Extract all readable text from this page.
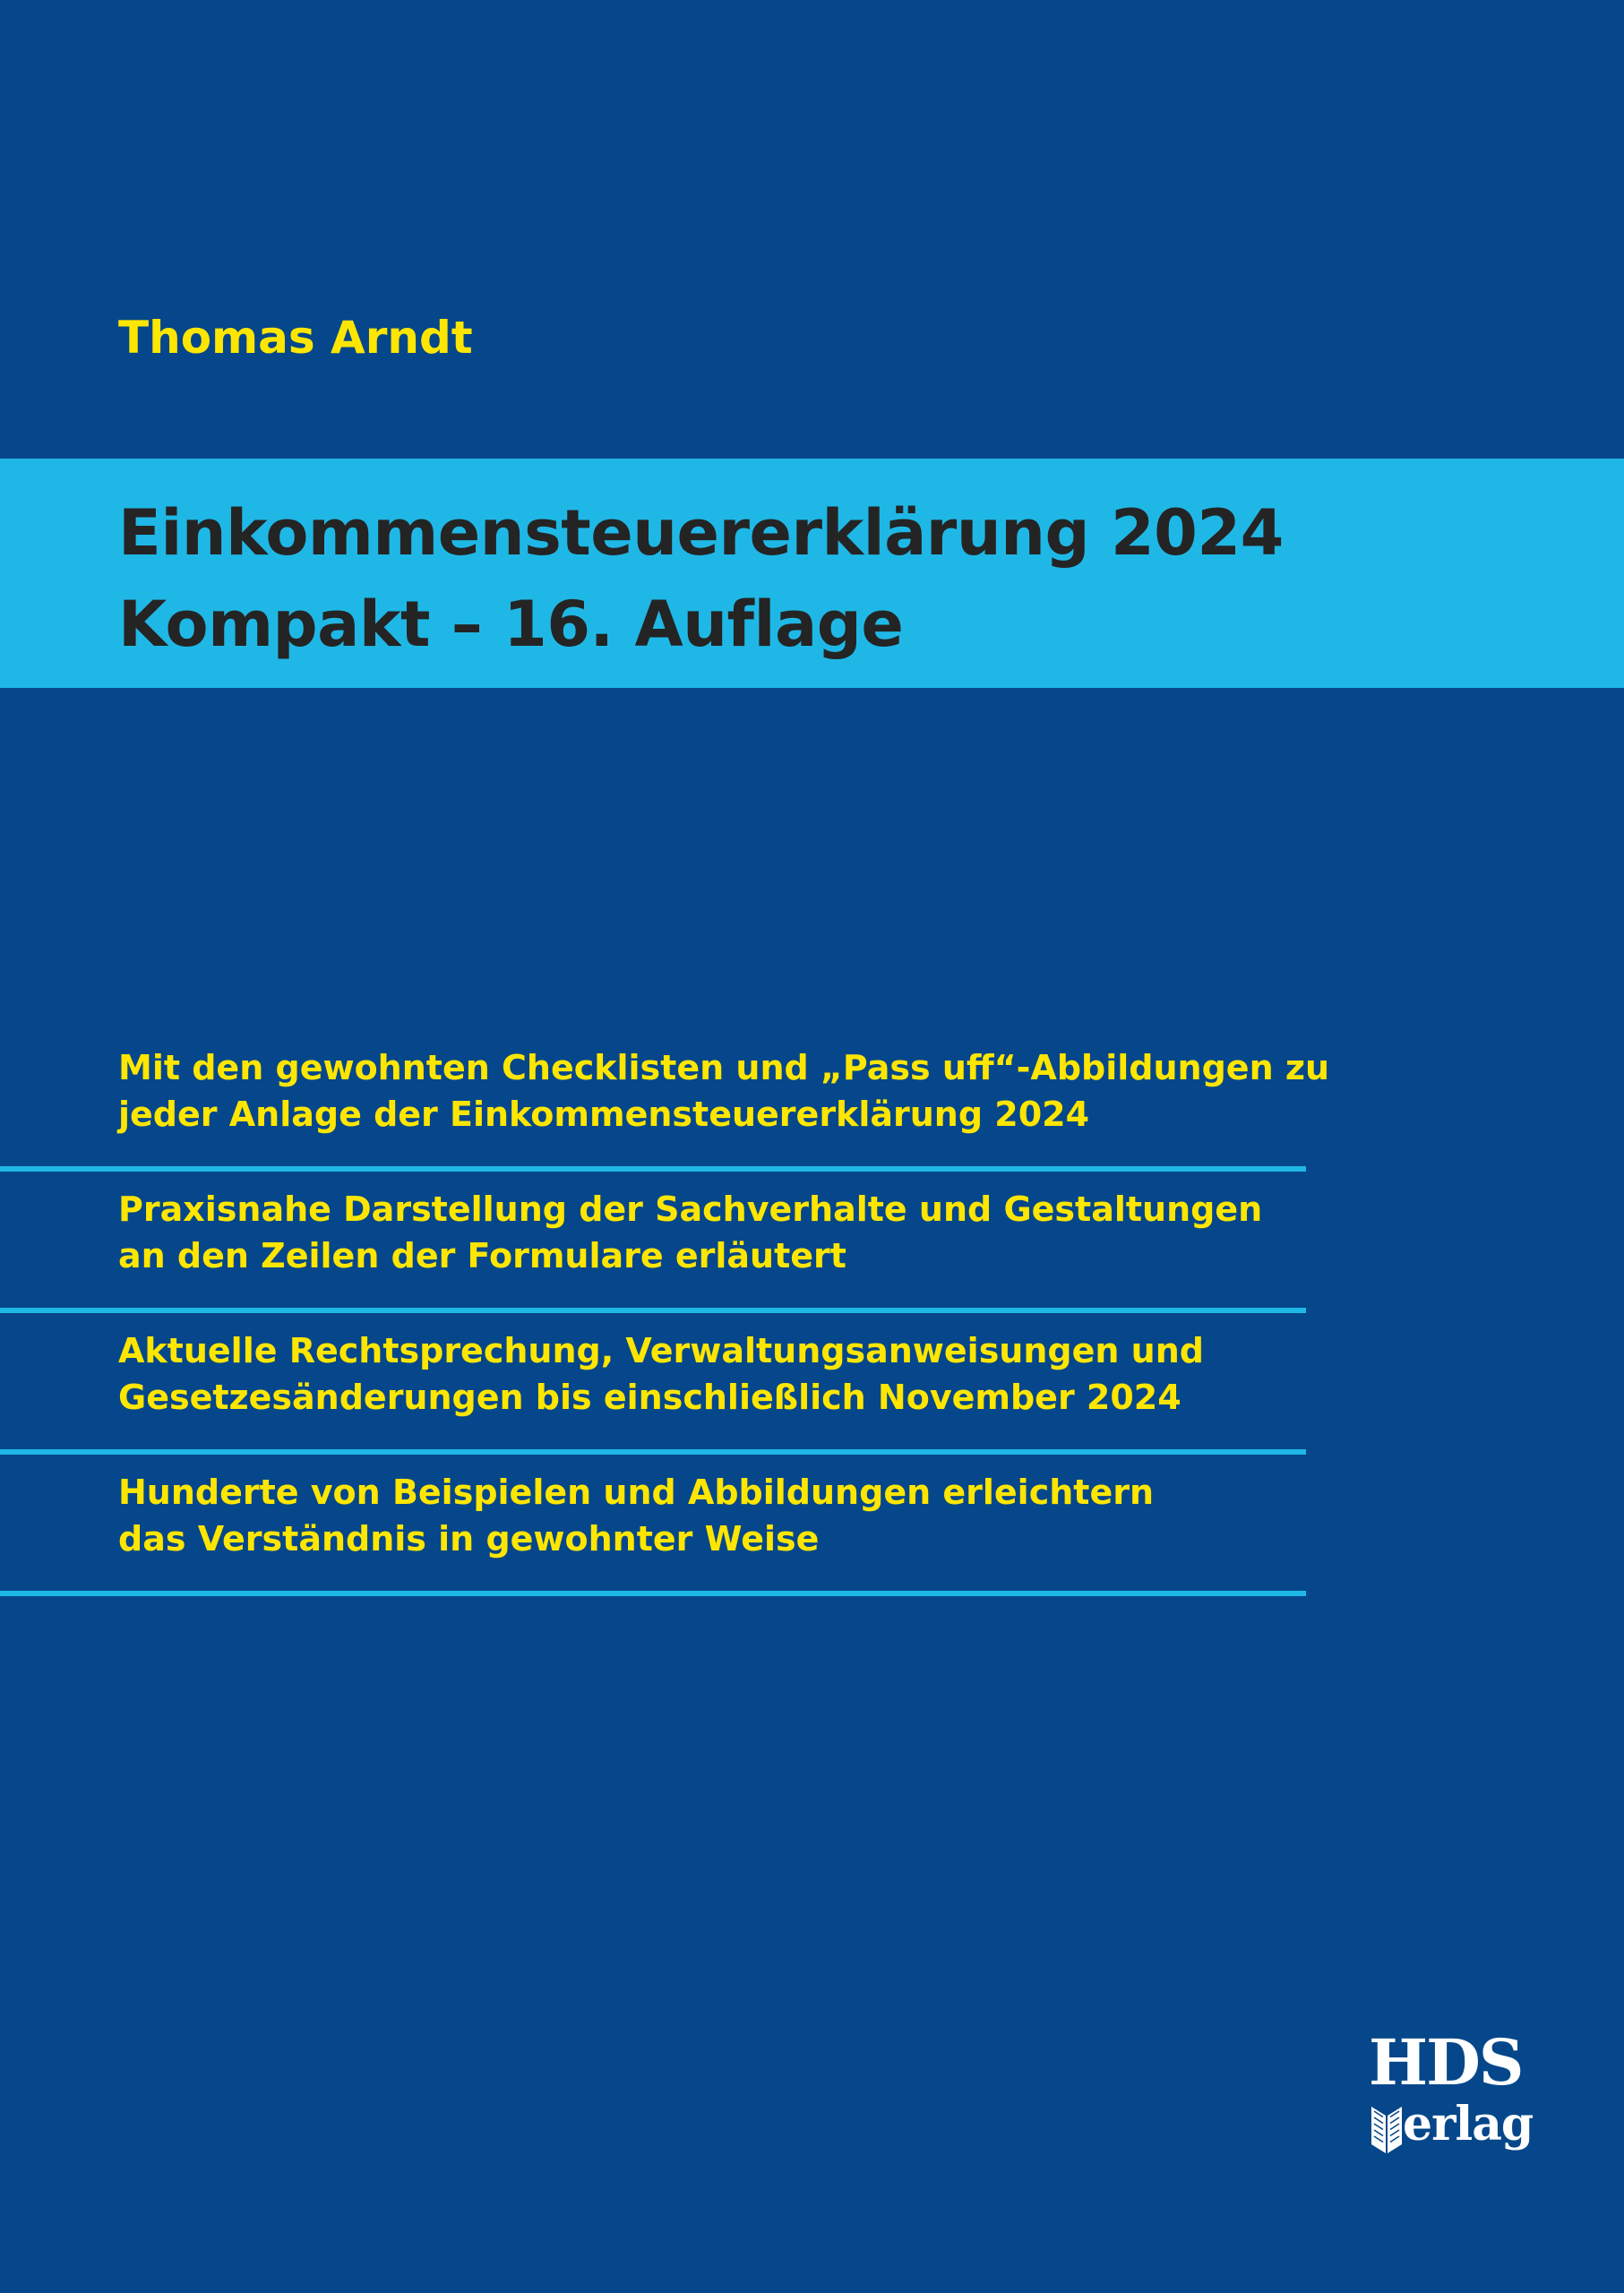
Thomas Arndt

Einkommensteuererklärung 2024
Kompakt – 16. Auflage

Mit den gewohnten Checklisten und „Pass uff“-Abbildungen zu
jeder Anlage der Einkommensteuererklärung 2024

Praxisnahe Darstellung der Sachverhalte und Gestaltungen
an den Zeilen der Formulare erläutert

Aktuelle Rechtsprechung, Verwaltungsanweisungen und
Gesetzesänderungen bis einschließlich November 2024

Hunderte von Beispielen und Abbildungen erleichtern
das Verständnis in gewohnter Weise

HDS

erlag
